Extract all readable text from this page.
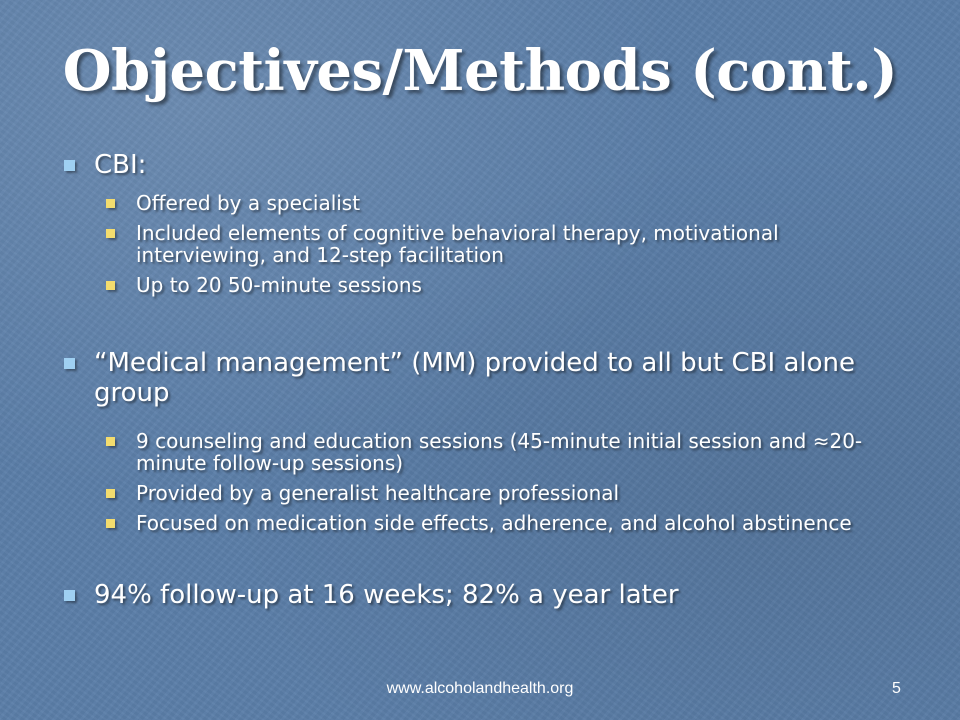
Objectives/Methods (cont.)
CBI:
Offered by a specialist
Included elements of cognitive behavioral therapy, motivational interviewing, and 12-step facilitation
Up to 20 50-minute sessions
“Medical management” (MM) provided to all but CBI alone group
9 counseling and education sessions (45-minute initial session and ≈20-minute follow-up sessions)
Provided by a generalist healthcare professional
Focused on medication side effects, adherence, and alcohol abstinence
94% follow-up at 16 weeks; 82% a year later
www.alcoholandhealth.org	5
